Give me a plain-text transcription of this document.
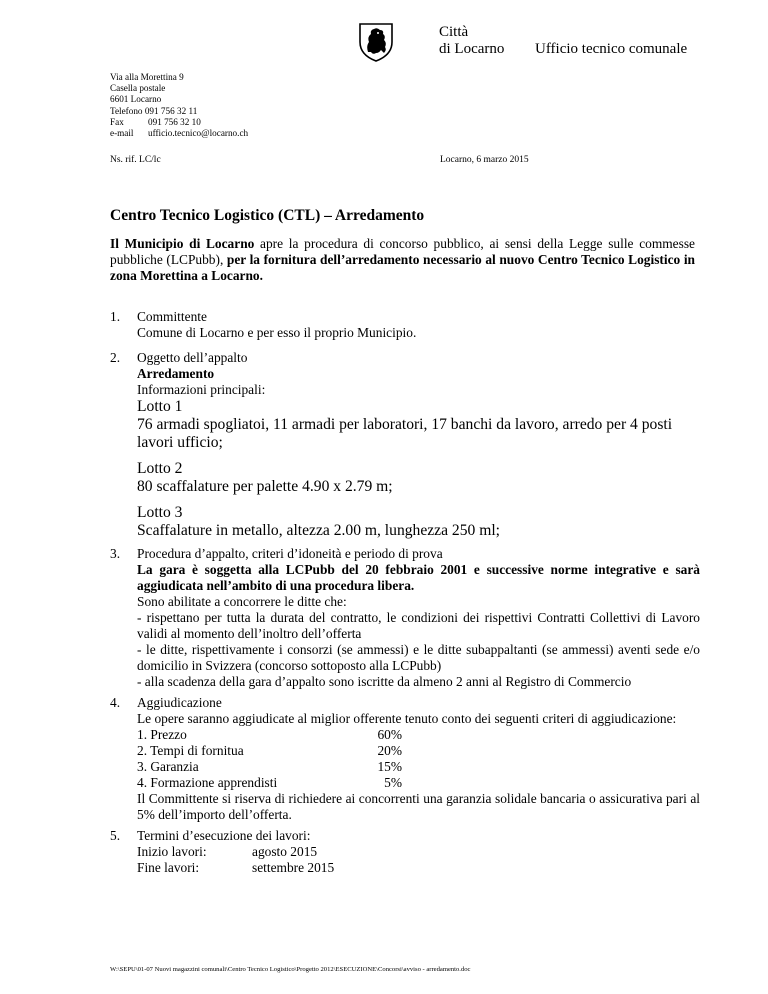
Città
di Locarno Ufficio tecnico comunale
Via alla Morettina 9
Casella postale
6601 Locarno
Telefono 091 756 32 11
Fax	091 756 32 10
e-mail ufficio.tecnico@locarno.ch
Ns. rif. LC/lc	Locarno, 6 marzo 2015
Centro Tecnico Logistico (CTL) – Arredamento
Il Municipio di Locarno apre la procedura di concorso pubblico, ai sensi della Legge sulle commesse pubbliche (LCPubb), per la fornitura dell’arredamento necessario al nuovo Centro Tecnico Logistico in zona Morettina a Locarno.
1.	Committente
Comune di Locarno e per esso il proprio Municipio.
2.	Oggetto dell’appalto
Arredamento
Informazioni principali:
Lotto 1
76 armadi spogliatoi, 11 armadi per laboratori, 17 banchi da lavoro, arredo per 4 posti lavori ufficio;
Lotto 2
80 scaffalature per palette 4.90 x 2.79 m;
Lotto 3
Scaffalature in metallo, altezza 2.00 m, lunghezza 250 ml;
3.	Procedura d’appalto, criteri d’idoneità e periodo di prova
La gara è soggetta alla LCPubb del 20 febbraio 2001 e successive norme integrative e sarà aggiudicata nell’ambito di una procedura libera.
Sono abilitate a concorrere le ditte che:
- rispettano per tutta la durata del contratto, le condizioni dei rispettivi Contratti Collettivi di Lavoro validi al momento dell’inoltro dell’offerta
- le ditte, rispettivamente i consorzi (se ammessi) e le ditte subappaltanti (se ammessi) aventi sede e/o domicilio in Svizzera (concorso sottoposto alla LCPubb)
- alla scadenza della gara d’appalto sono iscritte da almeno 2 anni al Registro di Commercio
4.	Aggiudicazione
Le opere saranno aggiudicate al miglior offerente tenuto conto dei seguenti criteri di aggiudicazione:
1. Prezzo	60%
2. Tempi di fornitua	20%
3. Garanzia	15%
4. Formazione apprendisti	5%
Il Committente si riserva di richiedere ai concorrenti una garanzia solidale bancaria o assicurativa pari al 5% dell’importo dell’offerta.
5.	Termini d’esecuzione dei lavori:
Inizio lavori:	agosto 2015
Fine lavori:	settembre 2015
W:\SEPU\01-07 Nuovi magazzini comunali\Centro Tecnico Logistico\Progetto 2012\ESECUZIONE\Concorsi\avviso - arredamento.doc
